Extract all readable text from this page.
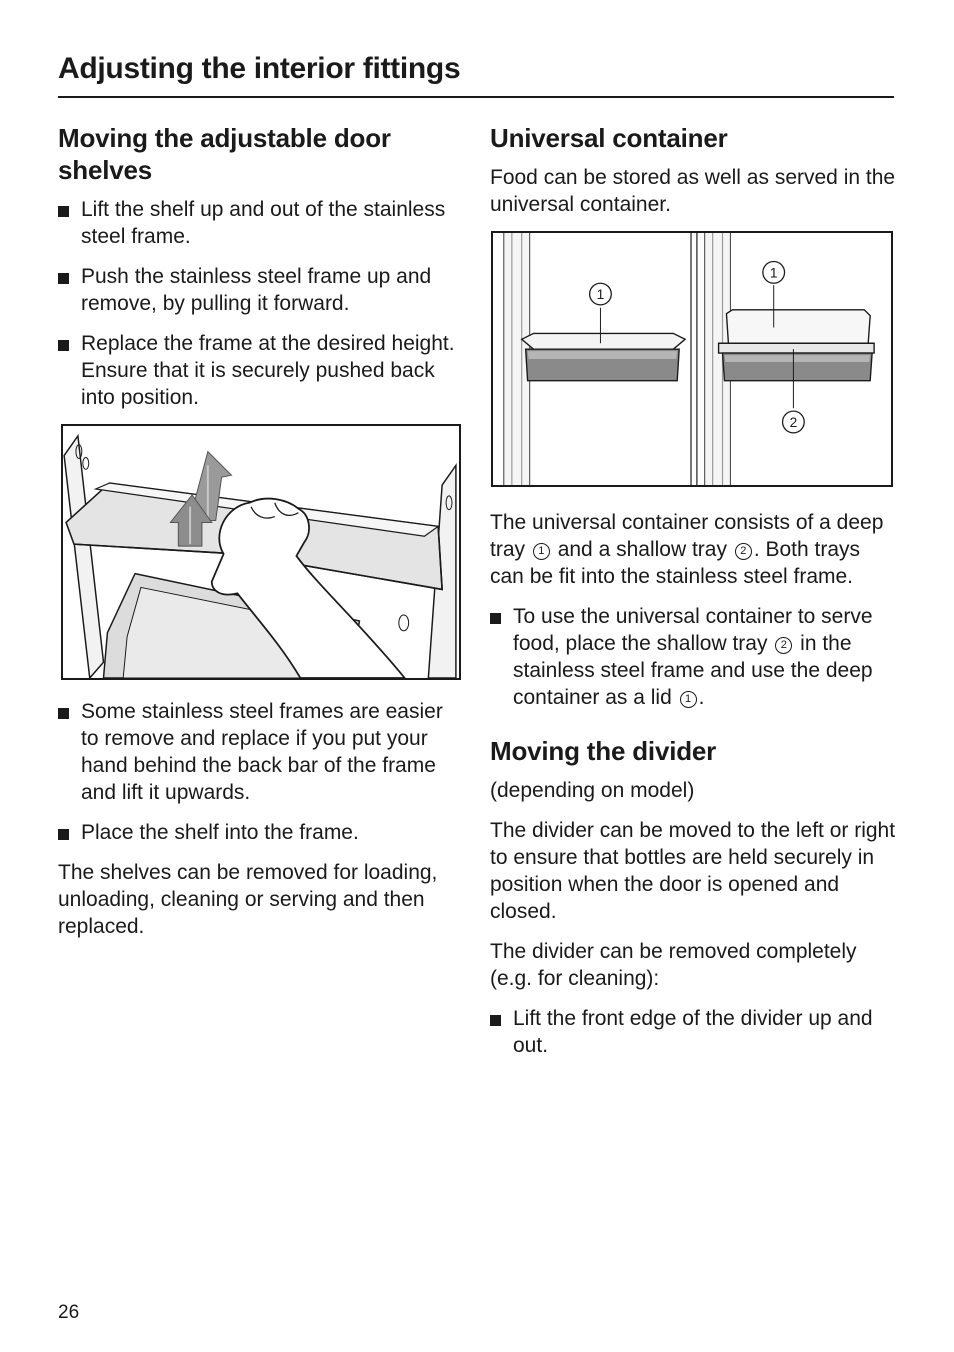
Adjusting the interior fittings
Moving the adjustable door shelves
Lift the shelf up and out of the stainless steel frame.
Push the stainless steel frame up and remove, by pulling it forward.
Replace the frame at the desired height. Ensure that it is securely pushed back into position.
Some stainless steel frames are easier to remove and replace if you put your hand behind the back bar of the frame and lift it upwards.
Place the shelf into the frame.

The shelves can be removed for loading, unloading, cleaning or serving and then replaced.

Universal container

Food can be stored as well as served in the universal container.

1
1
2

The universal container consists of a deep tray 1 and a shallow tray 2 . Both trays can be fit into the stainless steel frame.

To use the universal container to serve food, place the shallow tray 2 in the stainless steel frame and use the deep container as a lid 1 .
Moving the divider

(depending on model)

The divider can be moved to the left or right to ensure that bottles are held securely in position when the door is opened and closed.

The divider can be removed completely (e.g. for cleaning):

Lift the front edge of the divider up and out.
26
